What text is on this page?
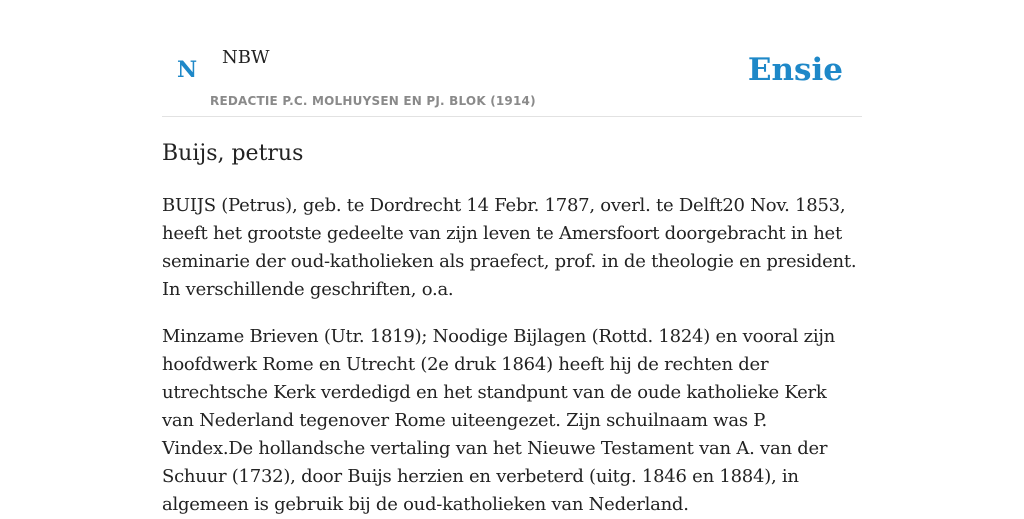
N NBW
REDACTIE P.C. MOLHUYSEN EN PJ. BLOK (1914)
Ensie
Buijs, petrus

BUIJS (Petrus), geb. te Dordrecht 14 Febr. 1787, overl. te Delft20 Nov. 1853, heeft het grootste gedeelte van zijn leven te Amersfoort doorgebracht in het seminarie der oud-katholieken als praefect, prof. in de theologie en president. In verschillende geschriften, o.a.

Minzame Brieven (Utr. 1819); Noodige Bijlagen (Rottd. 1824) en vooral zijn hoofdwerk Rome en Utrecht (2e druk 1864) heeft hij de rechten der utrechtsche Kerk verdedigd en het standpunt van de oude katholieke Kerk van Nederland tegenover Rome uiteengezet. Zijn schuilnaam was P. Vindex.De hollandsche vertaling van het Nieuwe Testament van A. van der Schuur (1732), door Buijs herzien en verbeterd (uitg. 1846 en 1884), in algemeen is gebruik bij de oud-katholieken van Nederland.
